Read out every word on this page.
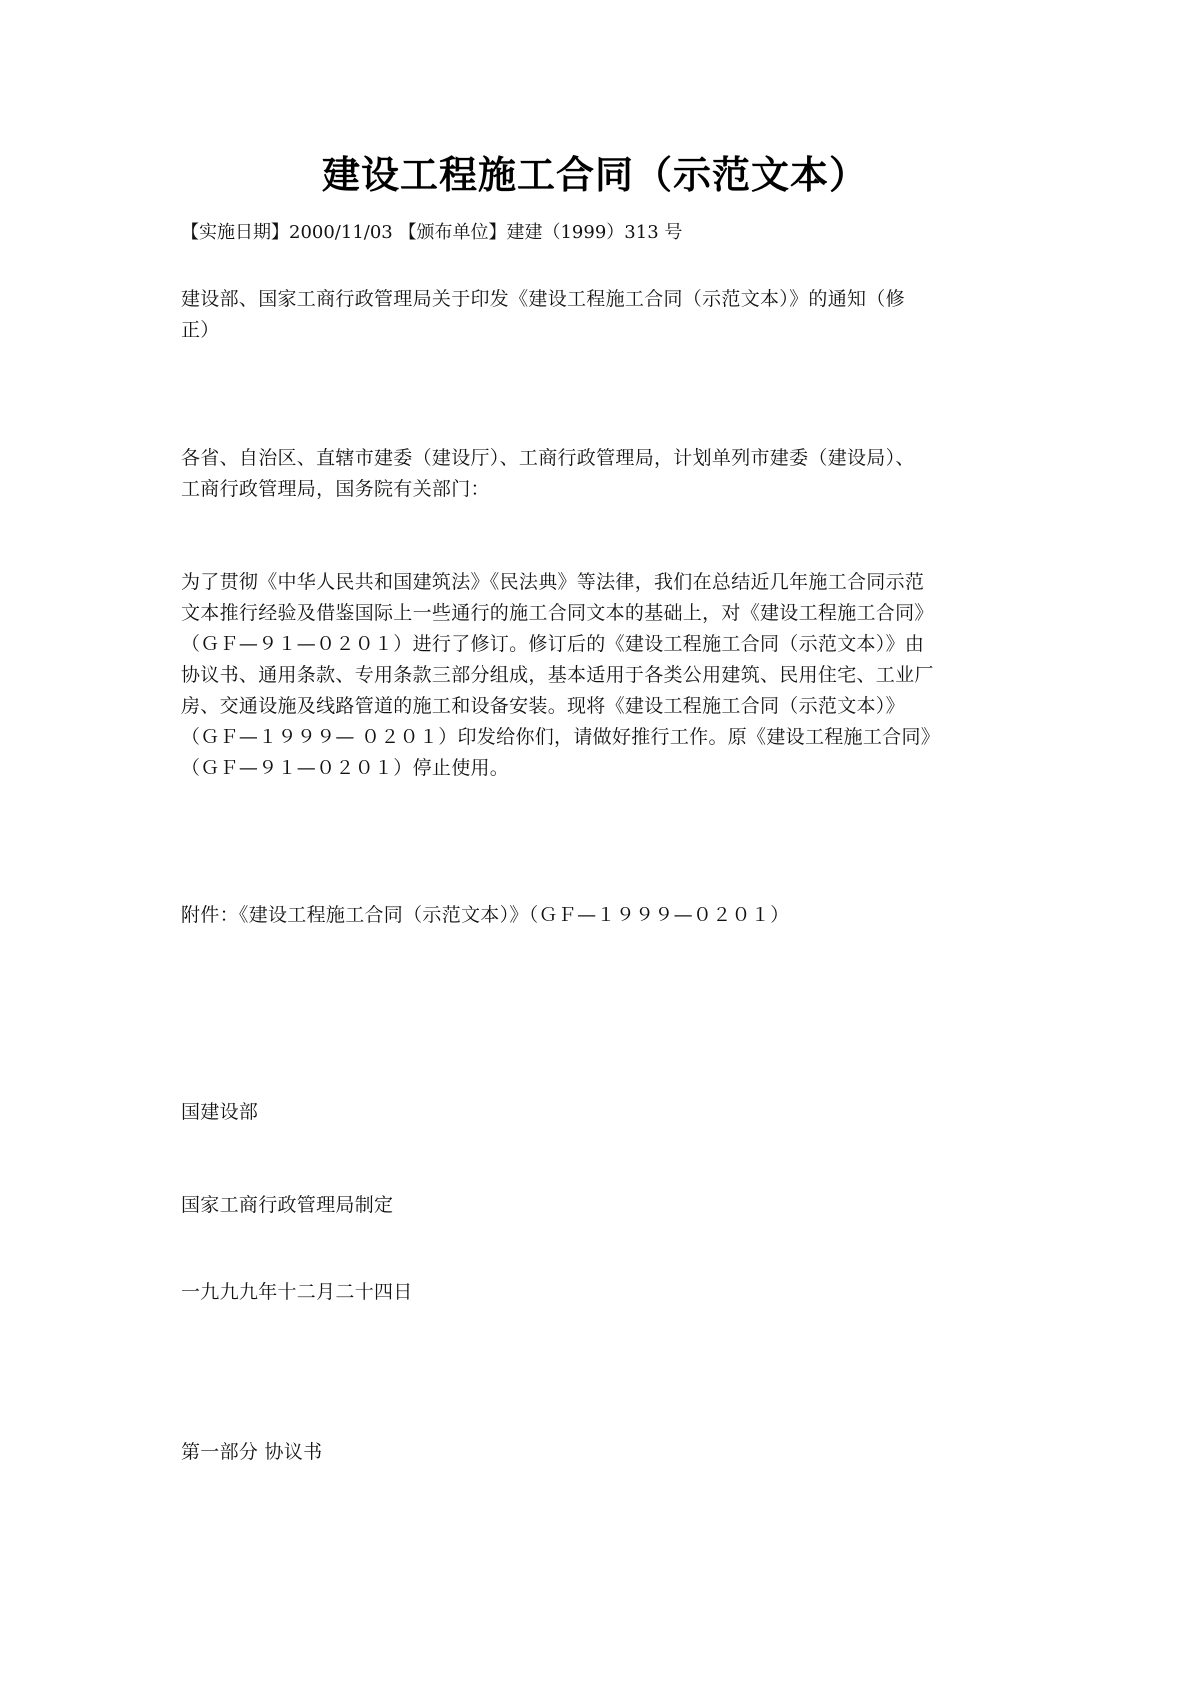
建设工程施工合同（示范文本）
【实施日期】2000/11/03 【颁布单位】建建（1999）313 号
建设部、国家工商行政管理局关于印发《建设工程施工合同（示范文本）》的通知（修
正）
各省、自治区、直辖市建委（建设厅）、工商行政管理局，计划单列市建委（建设局）、
工商行政管理局，国务院有关部门：
为了贯彻《中华人民共和国建筑法》《民法典》等法律，我们在总结近几年施工合同示范
文本推行经验及借鉴国际上一些通行的施工合同文本的基础上，对《建设工程施工合同》
（ＧＦ—９１—０２０１）进行了修订。修订后的《建设工程施工合同（示范文本）》由
协议书、通用条款、专用条款三部分组成，基本适用于各类公用建筑、民用住宅、工业厂
房、交通设施及线路管道的施工和设备安装。现将《建设工程施工合同（示范文本）》
（ＧＦ—１９９９— ０２０１）印发给你们，请做好推行工作。原《建设工程施工合同》
（ＧＦ—９１—０２０１）停止使用。
附件：《建设工程施工合同（示范文本）》（ＧＦ—１９９９—０２０１）
国建设部
国家工商行政管理局制定
一九九九年十二月二十四日
第一部分 协议书
